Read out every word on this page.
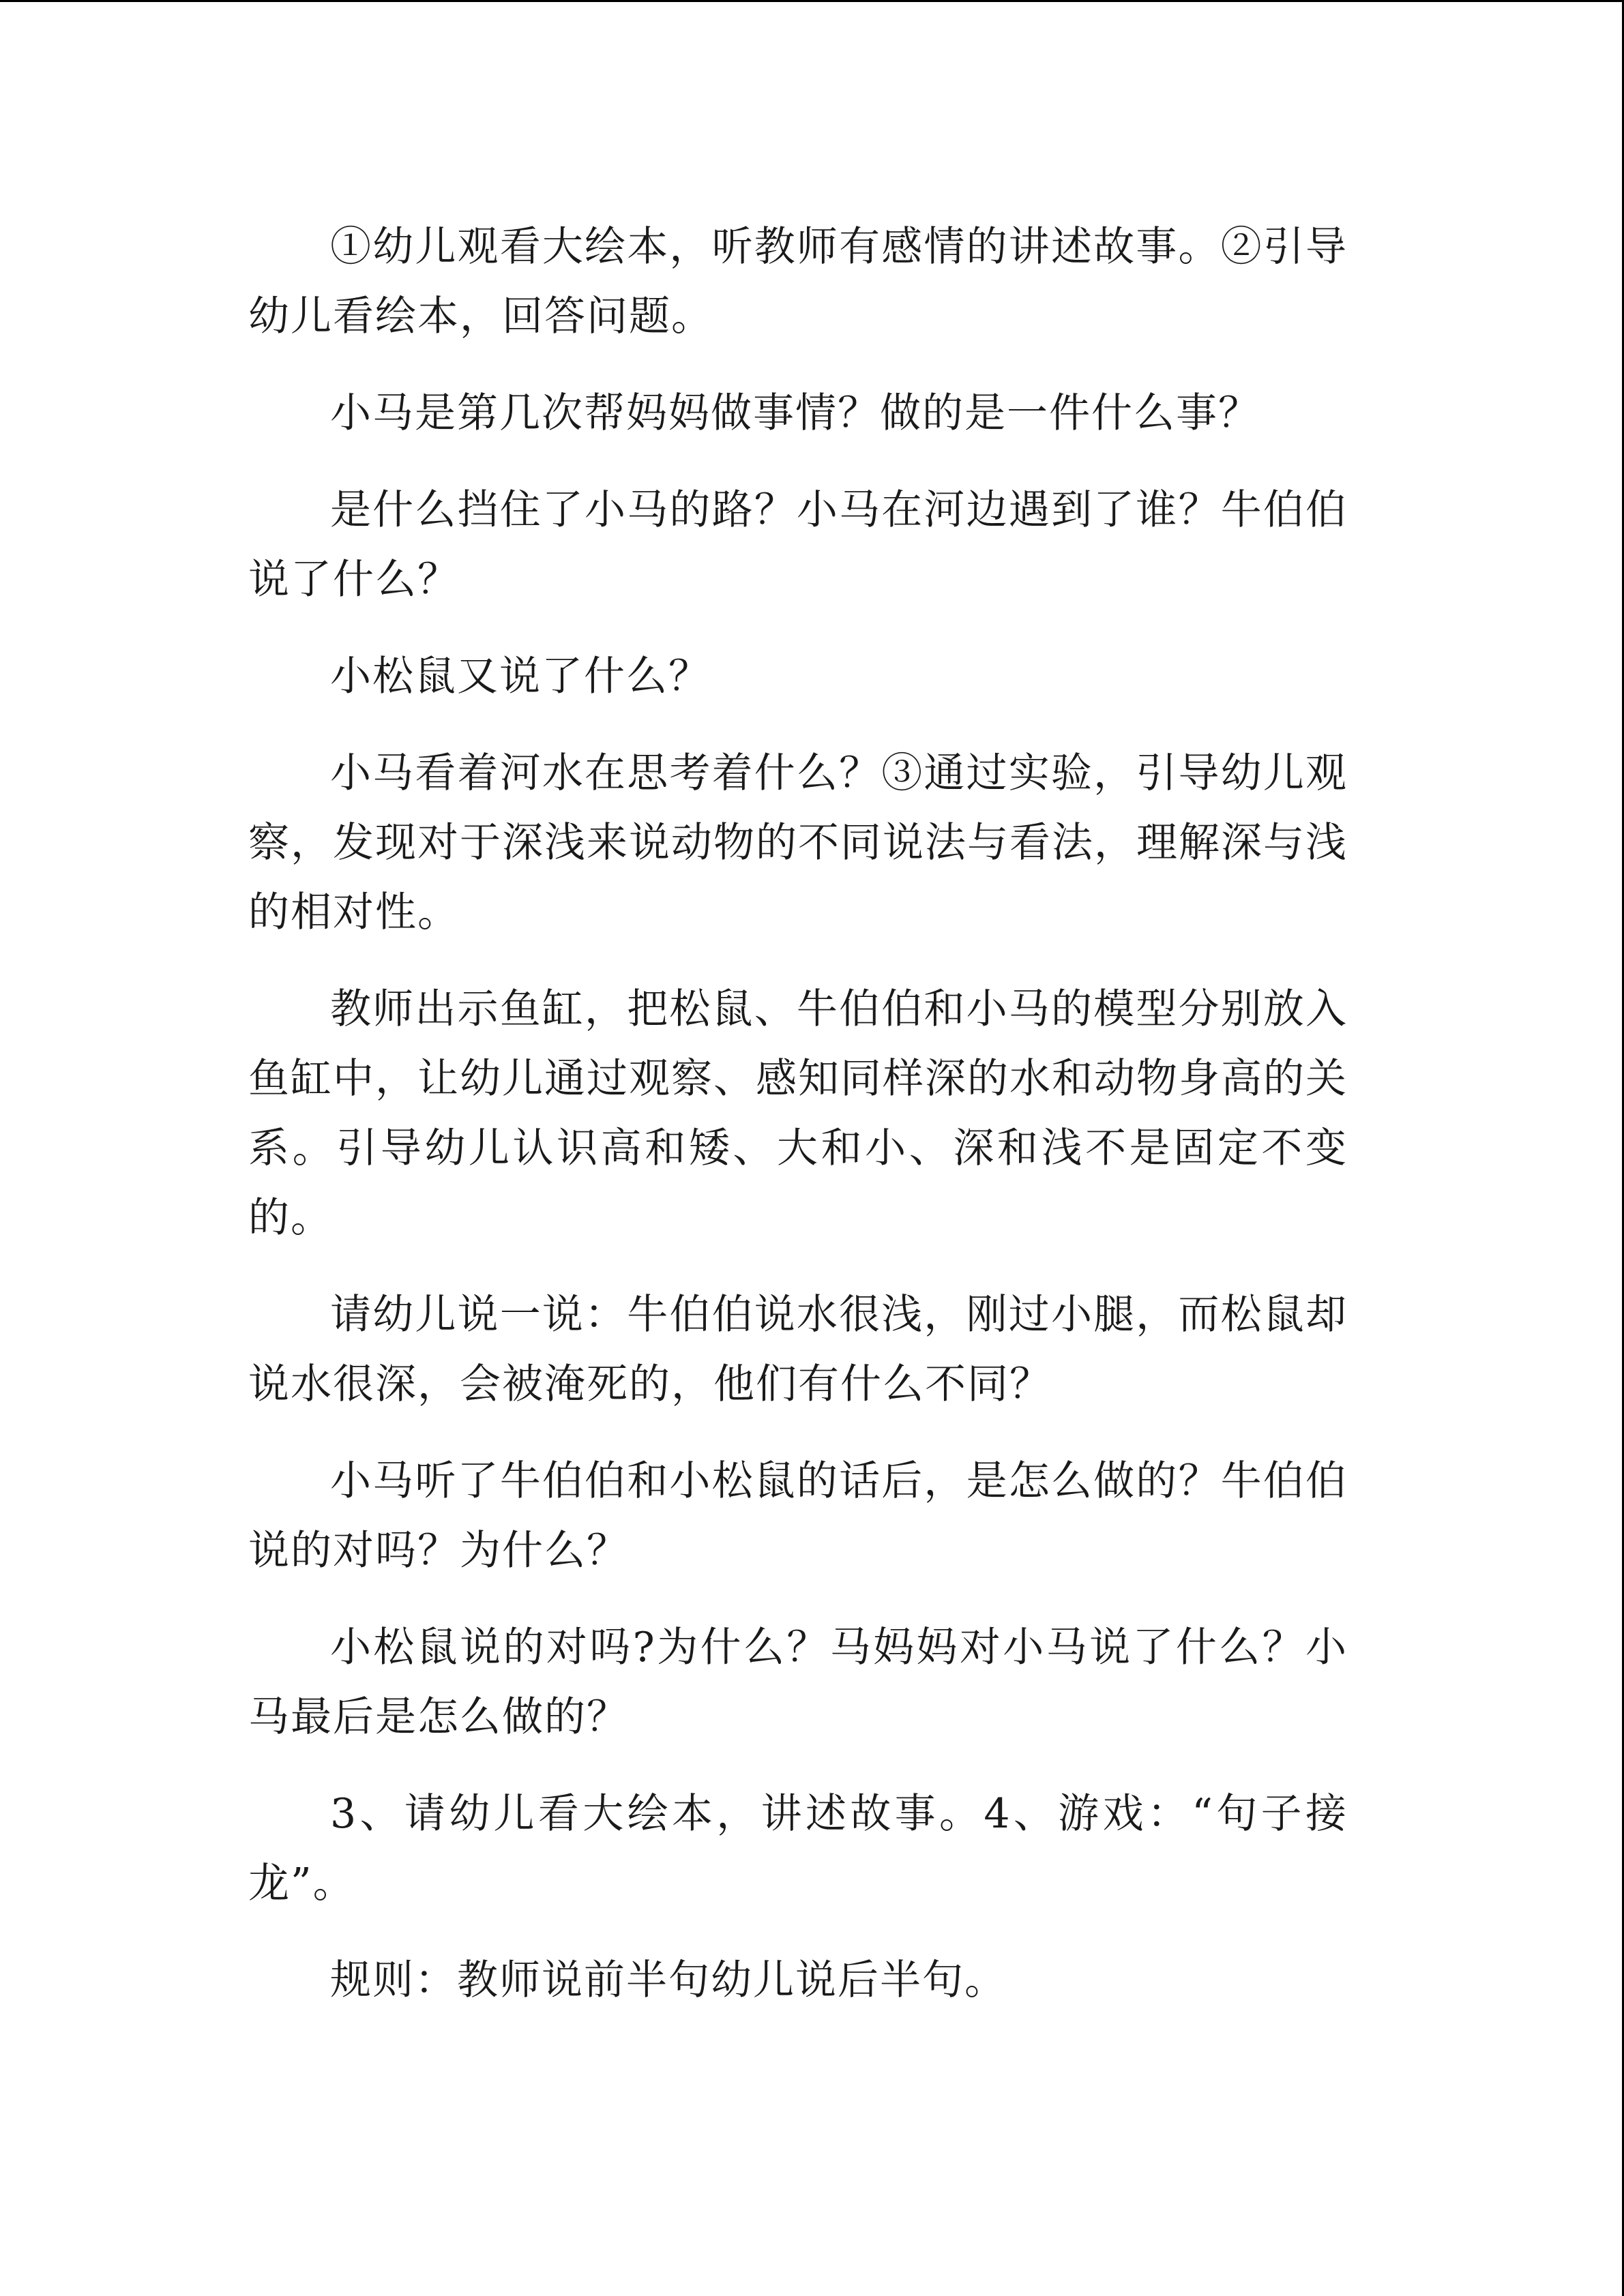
①幼儿观看大绘本，听教师有感情的讲述故事。②引导幼儿看绘本，回答问题。

小马是第几次帮妈妈做事情？做的是一件什么事？

是什么挡住了小马的路？小马在河边遇到了谁？牛伯伯说了什么？

小松鼠又说了什么？

小马看着河水在思考着什么？③通过实验，引导幼儿观察，发现对于深浅来说动物的不同说法与看法，理解深与浅的相对性。

教师出示鱼缸，把松鼠、牛伯伯和小马的模型分别放入鱼缸中，让幼儿通过观察、感知同样深的水和动物身高的关系。引导幼儿认识高和矮、大和小、深和浅不是固定不变的。

请幼儿说一说：牛伯伯说水很浅，刚过小腿，而松鼠却说水很深，会被淹死的，他们有什么不同？

小马听了牛伯伯和小松鼠的话后，是怎么做的？牛伯伯说的对吗？为什么？

小松鼠说的对吗?为什么？马妈妈对小马说了什么？小马最后是怎么做的？

3、请幼儿看大绘本，讲述故事。4、游戏：“句子接龙”。

规则：教师说前半句幼儿说后半句。
